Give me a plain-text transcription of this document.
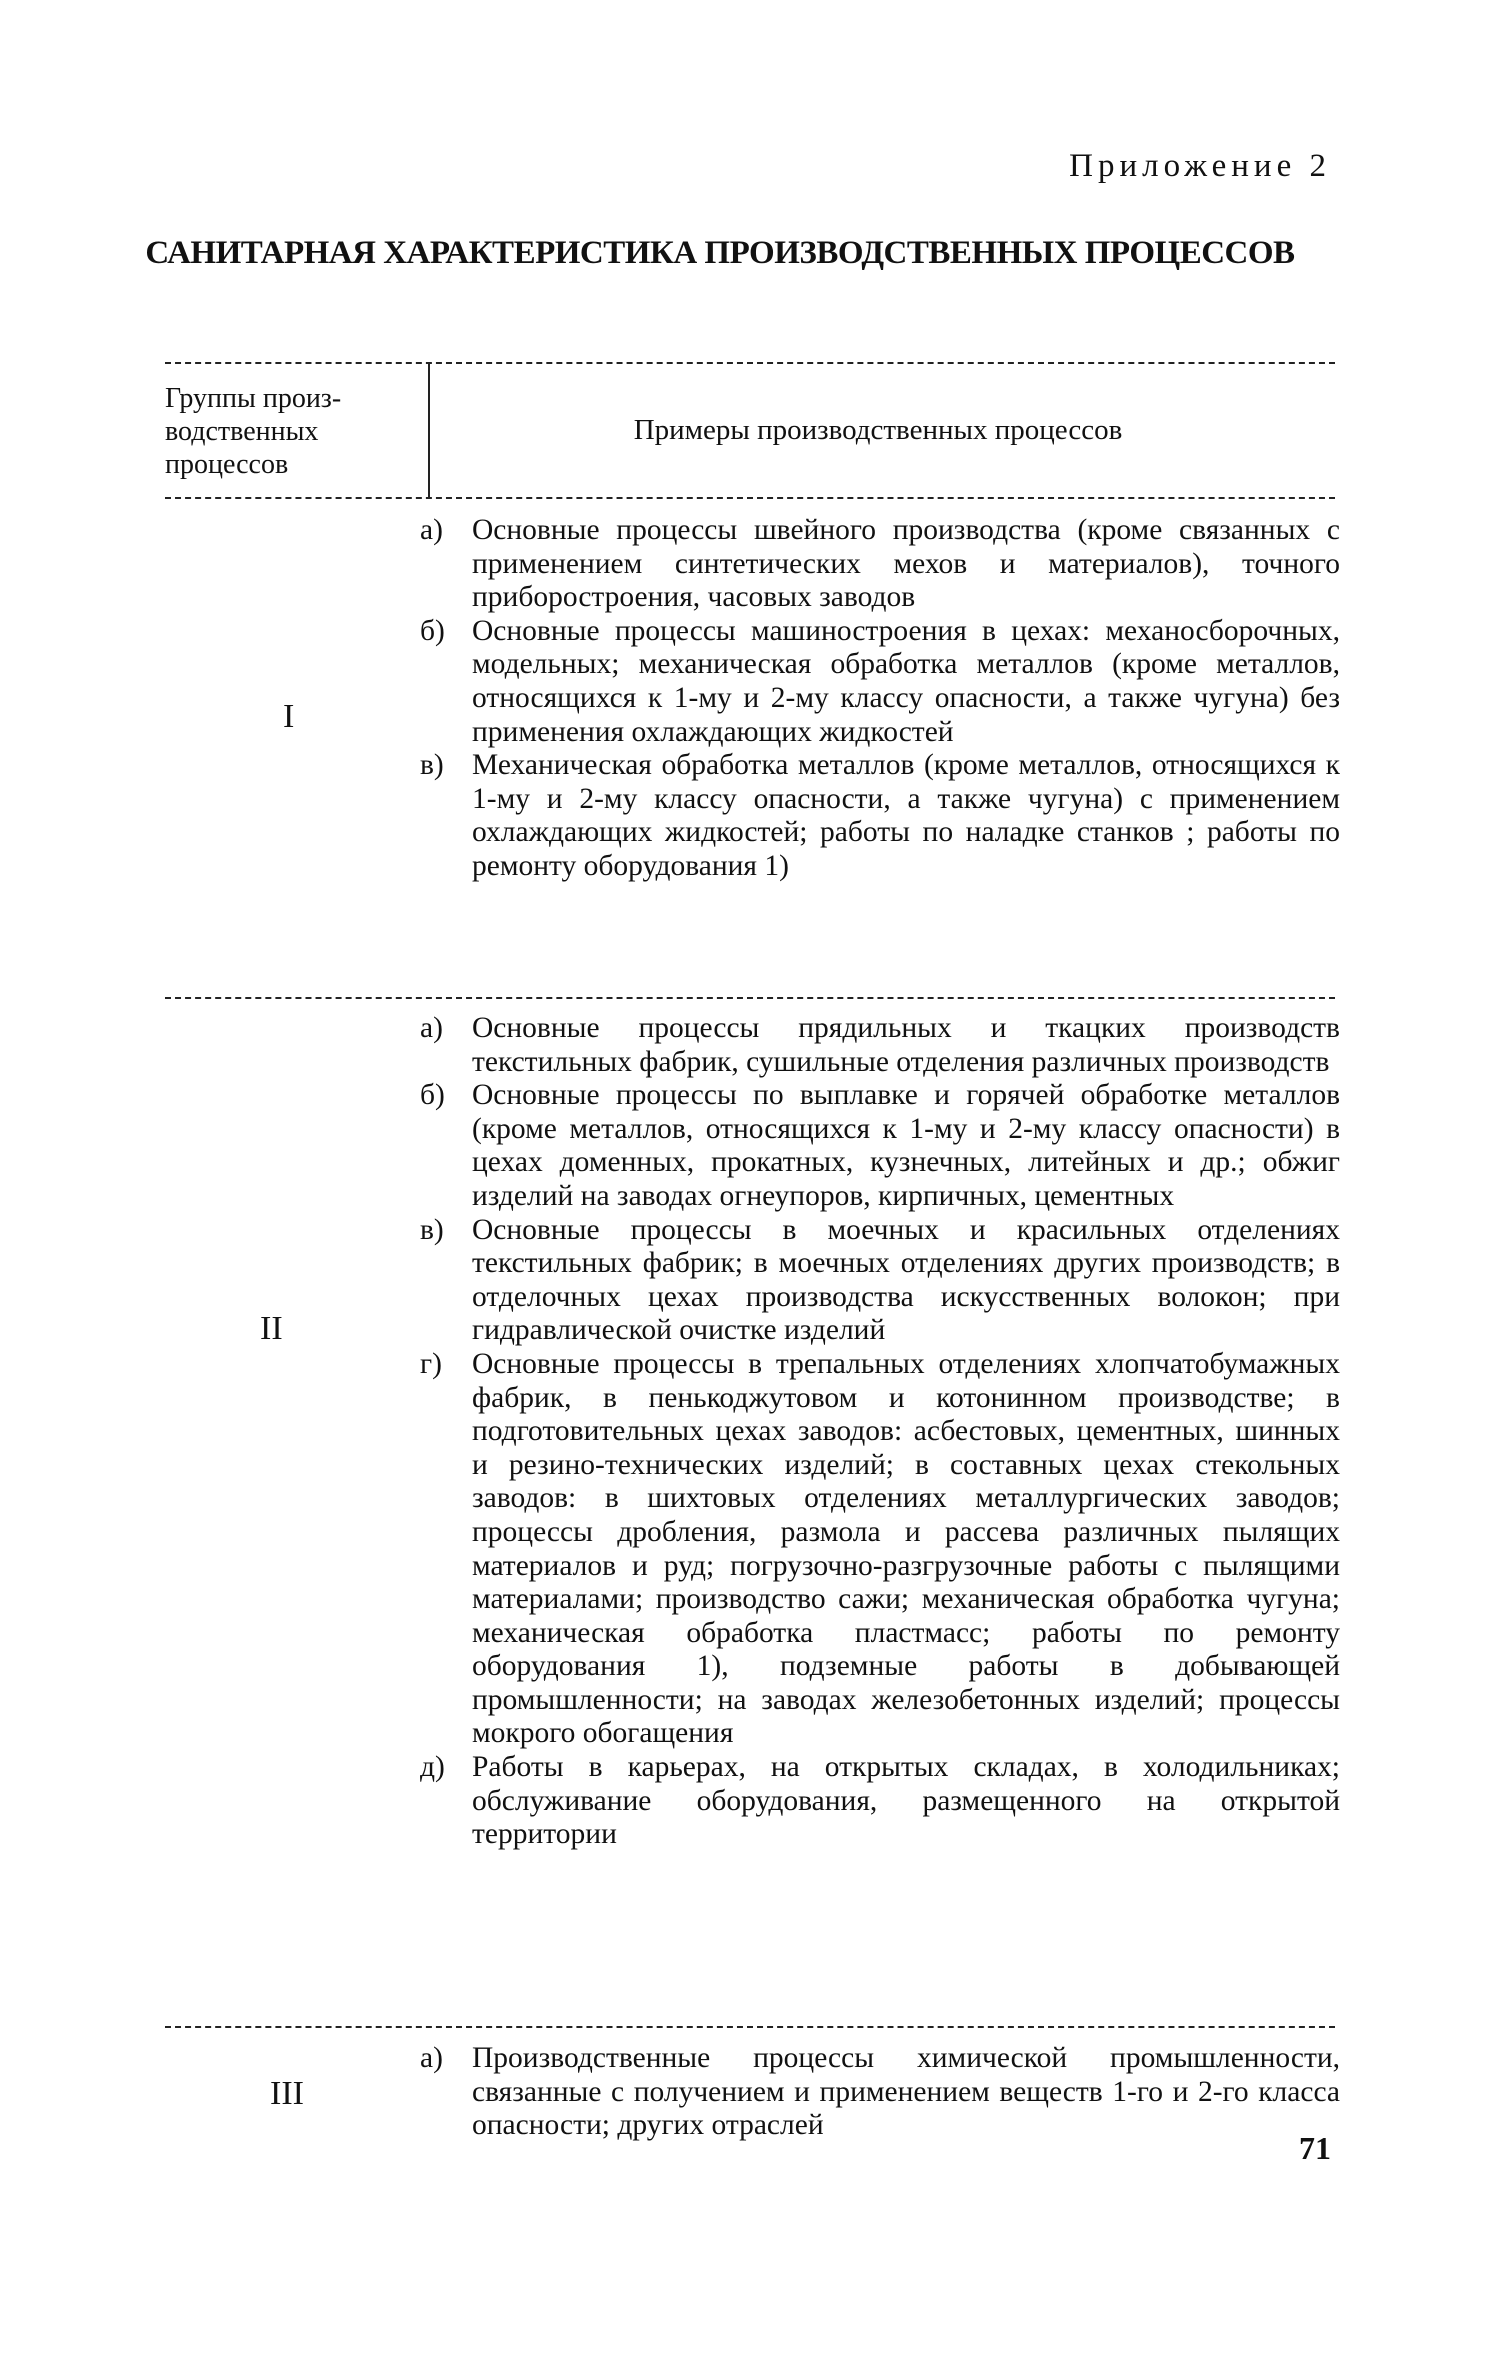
Приложение 2
САНИТАРНАЯ ХАРАКТЕРИСТИКА ПРОИЗВОДСТВЕННЫХ ПРОЦЕССОВ
Группы произ-водственных процессов
Примеры производственных процессов
I
а) Основные процессы швейного производства (кроме связанных с применением синтетических мехов и материалов), точного приборостроения, часовых заводов
б) Основные процессы машиностроения в цехах: механосборочных, модельных; механическая обработка металлов (кроме металлов, относящихся к 1-му и 2-му классу опасности, а также чугуна) без применения охлаждающих жидкостей
в) Механическая обработка металлов (кроме металлов, относящихся к 1-му и 2-му классу опасности, а также чугуна) с применением охлаждающих жидкостей; работы по наладке станков ; работы по ремонту оборудования 1)
II
а) Основные процессы прядильных и ткацких производств текстильных фабрик, сушильные отделения различных производств
б) Основные процессы по выплавке и горячей обработке металлов (кроме металлов, относящихся к 1-му и 2-му классу опасности) в цехах доменных, прокатных, кузнечных, литейных и др.; обжиг изделий на заводах огнеупоров, кирпичных, цементных
в) Основные процессы в моечных и красильных отделениях текстильных фабрик; в моечных отделениях других производств; в отделочных цехах производства искусственных волокон; при гидравлической очистке изделий
г) Основные процессы в трепальных отделениях хлопчатобумажных фабрик, в пенькоджутовом и котонинном производстве; в подготовительных цехах заводов: асбестовых, цементных, шинных и резино-технических изделий; в составных цехах стекольных заводов: в шихтовых отделениях металлургических заводов; процессы дробления, размола и рассева различных пылящих материалов и руд; погрузочно-разгрузочные работы с пылящими материалами; производство сажи; механическая обработка чугуна; механическая обработка пластмасс; работы по ремонту оборудования 1), подземные работы в добывающей промышленности; на заводах железобетонных изделий; процессы мокрого обогащения
д) Работы в карьерах, на открытых складах, в холодильниках; обслуживание оборудования, размещенного на открытой территории
III
а) Производственные процессы химической промышленности, связанные с получением и применением веществ 1-го и 2-го класса опасности; других отраслей
71
